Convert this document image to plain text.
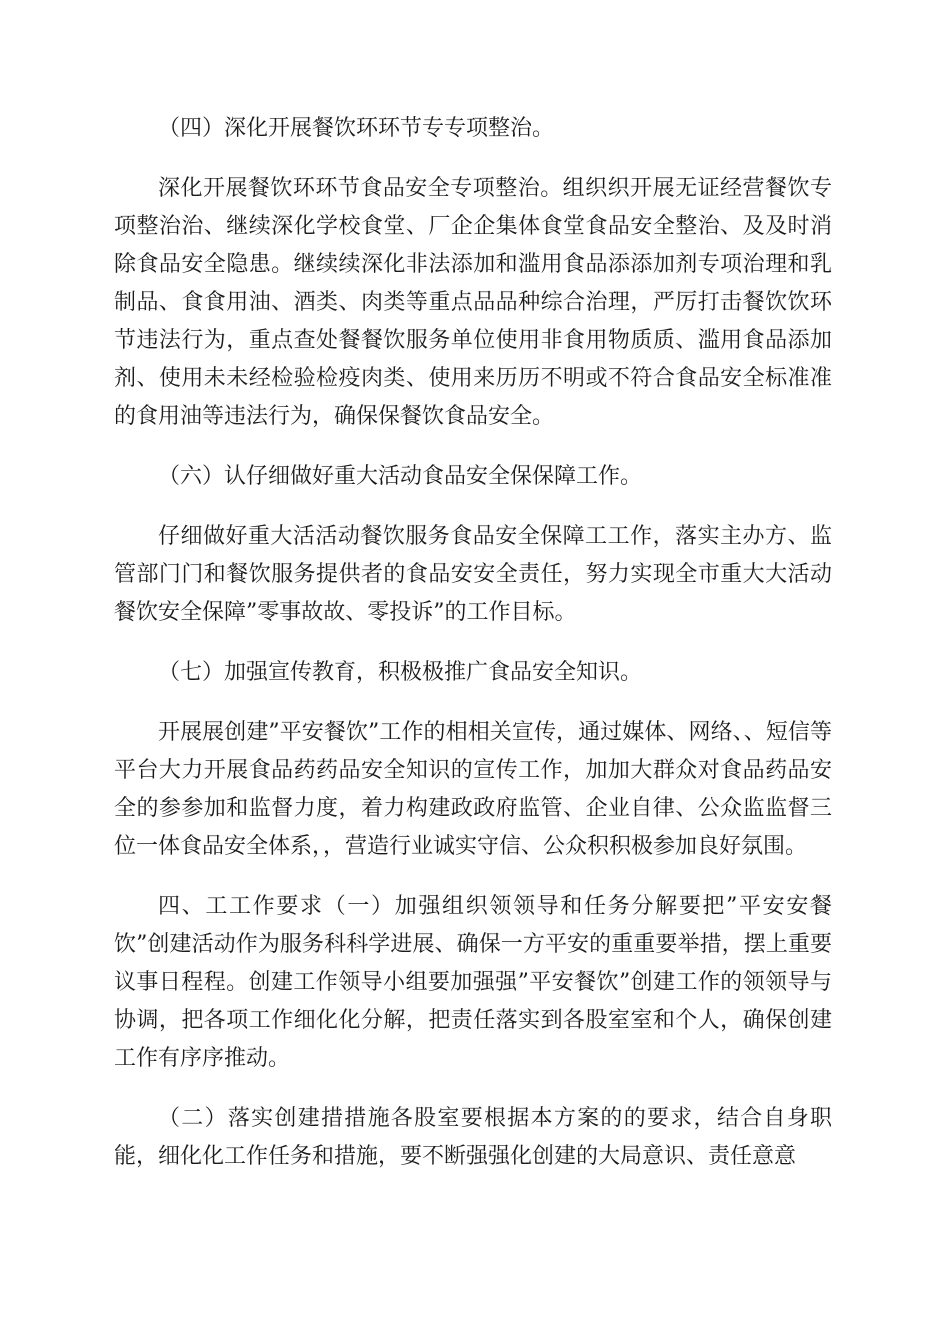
（四）深化开展餐饮环环节专专项整治。

深化开展餐饮环环节食品安全专项整治。组织织开展无证经营餐饮专项整治治、继续深化学校食堂、厂企企集体食堂食品安全整治、及及时消除食品安全隐患。继续续深化非法添加和滥用食品添添加剂专项治理和乳制品、食食用油、酒类、肉类等重点品品种综合治理，严厉打击餐饮饮环节违法行为，重点查处餐餐饮服务单位使用非食用物质质、滥用食品添加剂、使用未未经检验检疫肉类、使用来历历不明或不符合食品安全标准准的食用油等违法行为，确保保餐饮食品安全。

（六）认仔细做好重大活动食品安全保保障工作。

仔细做好重大活活动餐饮服务食品安全保障工工作，落实主办方、监管部门门和餐饮服务提供者的食品安安全责任，努力实现全市重大大活动餐饮安全保障”零事故故、零投诉”的工作目标。

（七）加强宣传教育，积极极推广食品安全知识。

开展展创建”平安餐饮”工作的相相关宣传，通过媒体、网络、、短信等平台大力开展食品药药品安全知识的宣传工作，加加大群众对食品药品安全的参参加和监督力度，着力构建政政府监管、企业自律、公众监监督三位一体食品安全体系，，营造行业诚实守信、公众积积极参加良好氛围。

四、工工作要求（一）加强组织领领导和任务分解要把”平安安餐饮”创建活动作为服务科科学进展、确保一方平安的重重要举措，摆上重要议事日程程。创建工作领导小组要加强强”平安餐饮”创建工作的领领导与协调，把各项工作细化化分解，把责任落实到各股室室和个人，确保创建工作有序序推动。

（二）落实创建措措施各股室要根据本方案的的要求，结合自身职能，细化化工作任务和措施，要不断强强化创建的大局意识、责任意意
